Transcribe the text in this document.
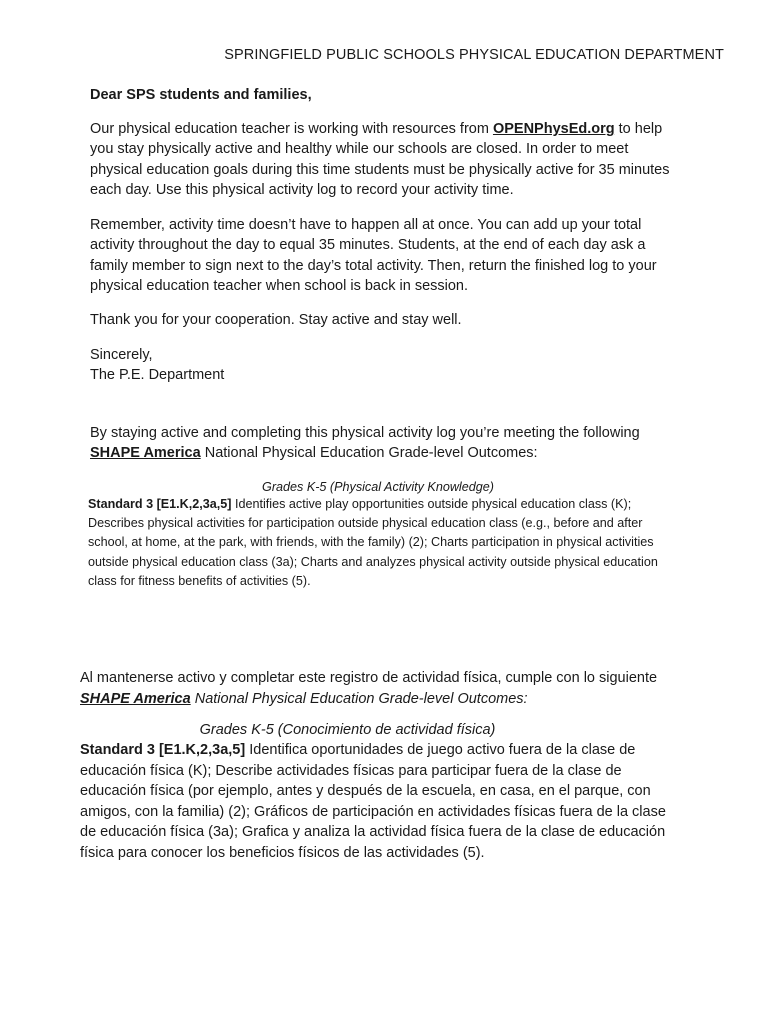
SPRINGFIELD PUBLIC SCHOOLS PHYSICAL EDUCATION DEPARTMENT

Dear SPS students and families,

Our physical education teacher is working with resources from OPENPhysEd.org to help you stay physically active and healthy while our schools are closed. In order to meet physical education goals during this time students must be physically active for 35 minutes each day. Use this physical activity log to record your activity time.

Remember, activity time doesn’t have to happen all at once. You can add up your total activity throughout the day to equal 35 minutes. Students, at the end of each day ask a family member to sign next to the day’s total activity. Then, return the finished log to your physical education teacher when school is back in session.

Thank you for your cooperation. Stay active and stay well.

Sincerely,
The P.E. Department

By staying active and completing this physical activity log you’re meeting the following SHAPE America National Physical Education Grade-level Outcomes:

Grades K-5 (Physical Activity Knowledge)

Standard 3 [E1.K,2,3a,5] Identifies active play opportunities outside physical education class (K); Describes physical activities for participation outside physical education class (e.g., before and after school, at home, at the park, with friends, with the family) (2); Charts participation in physical activities outside physical education class (3a); Charts and analyzes physical activity outside physical education class for fitness benefits of activities (5).

Al mantenerse activo y completar este registro de actividad física, cumple con lo siguiente SHAPE America National Physical Education Grade-level Outcomes:

Grades K-5 (Conocimiento de actividad física)

Standard 3 [E1.K,2,3a,5] Identifica oportunidades de juego activo fuera de la clase de educación física (K); Describe actividades físicas para participar fuera de la clase de educación física (por ejemplo, antes y después de la escuela, en casa, en el parque, con amigos, con la familia) (2); Gráficos de participación en actividades físicas fuera de la clase de educación física (3a); Grafica y analiza la actividad física fuera de la clase de educación física para conocer los beneficios físicos de las actividades (5).
